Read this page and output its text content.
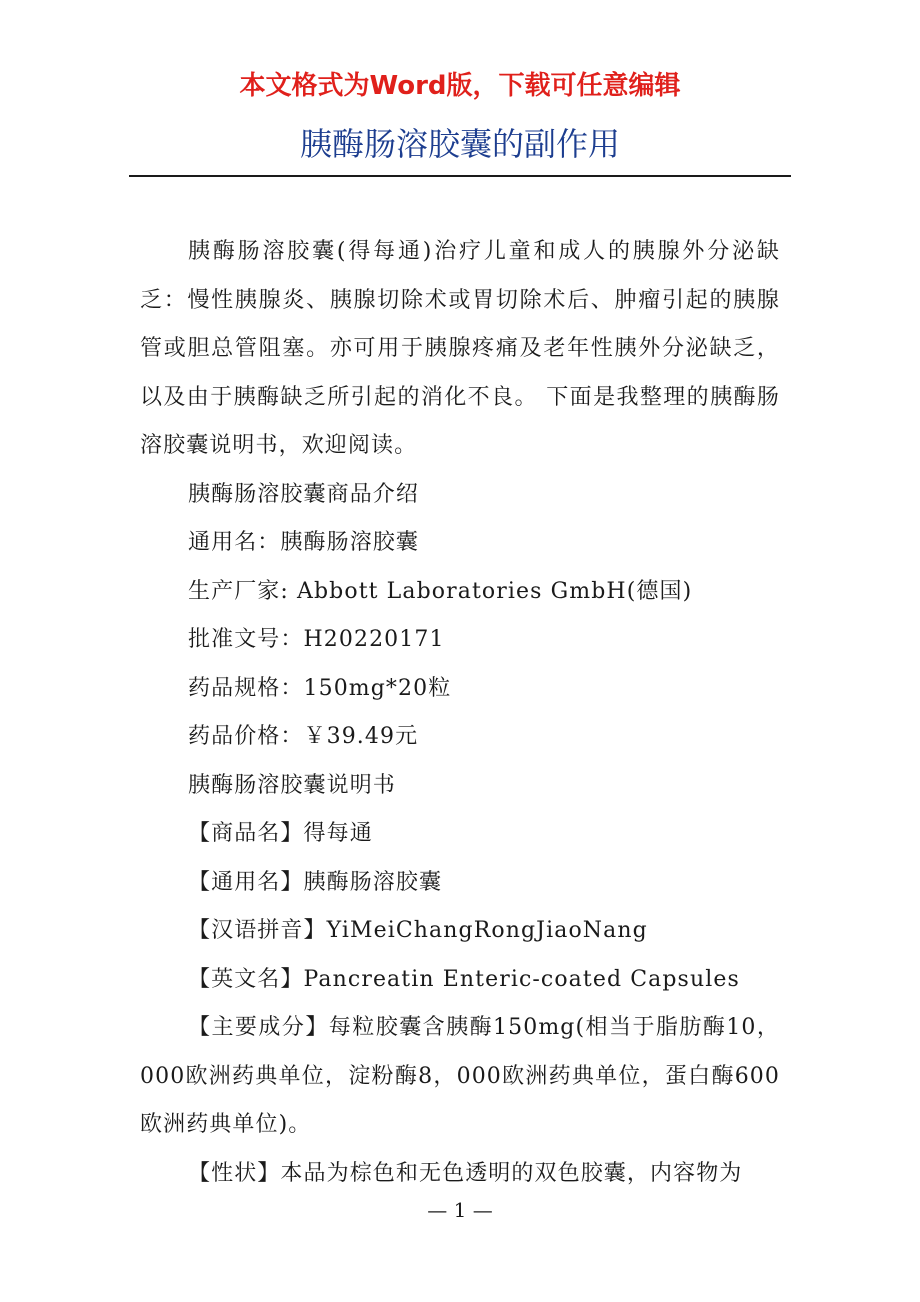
本文格式为Word版，下载可任意编辑
胰酶肠溶胶囊的副作用

胰酶肠溶胶囊(得每通)治疗儿童和成人的胰腺外分泌缺乏：慢性胰腺炎、胰腺切除术或胃切除术后、肿瘤引起的胰腺管或胆总管阻塞。亦可用于胰腺疼痛及老年性胰外分泌缺乏，以及由于胰酶缺乏所引起的消化不良。 下面是我整理的胰酶肠溶胶囊说明书，欢迎阅读。

胰酶肠溶胶囊商品介绍

通用名：胰酶肠溶胶囊

生产厂家: Abbott Laboratories GmbH(德国)

批准文号：H20220171

药品规格：150mg*20粒

药品价格：￥39.49元

胰酶肠溶胶囊说明书

【商品名】得每通

【通用名】胰酶肠溶胶囊

【汉语拼音】YiMeiChangRongJiaoNang

【英文名】Pancreatin Enteric-coated Capsules

【主要成分】每粒胶囊含胰酶150mg(相当于脂肪酶10，000欧洲药典单位，淀粉酶8，000欧洲药典单位，蛋白酶600欧洲药典单位)。

【性状】本品为棕色和无色透明的双色胶囊，内容物为

— 1 —
